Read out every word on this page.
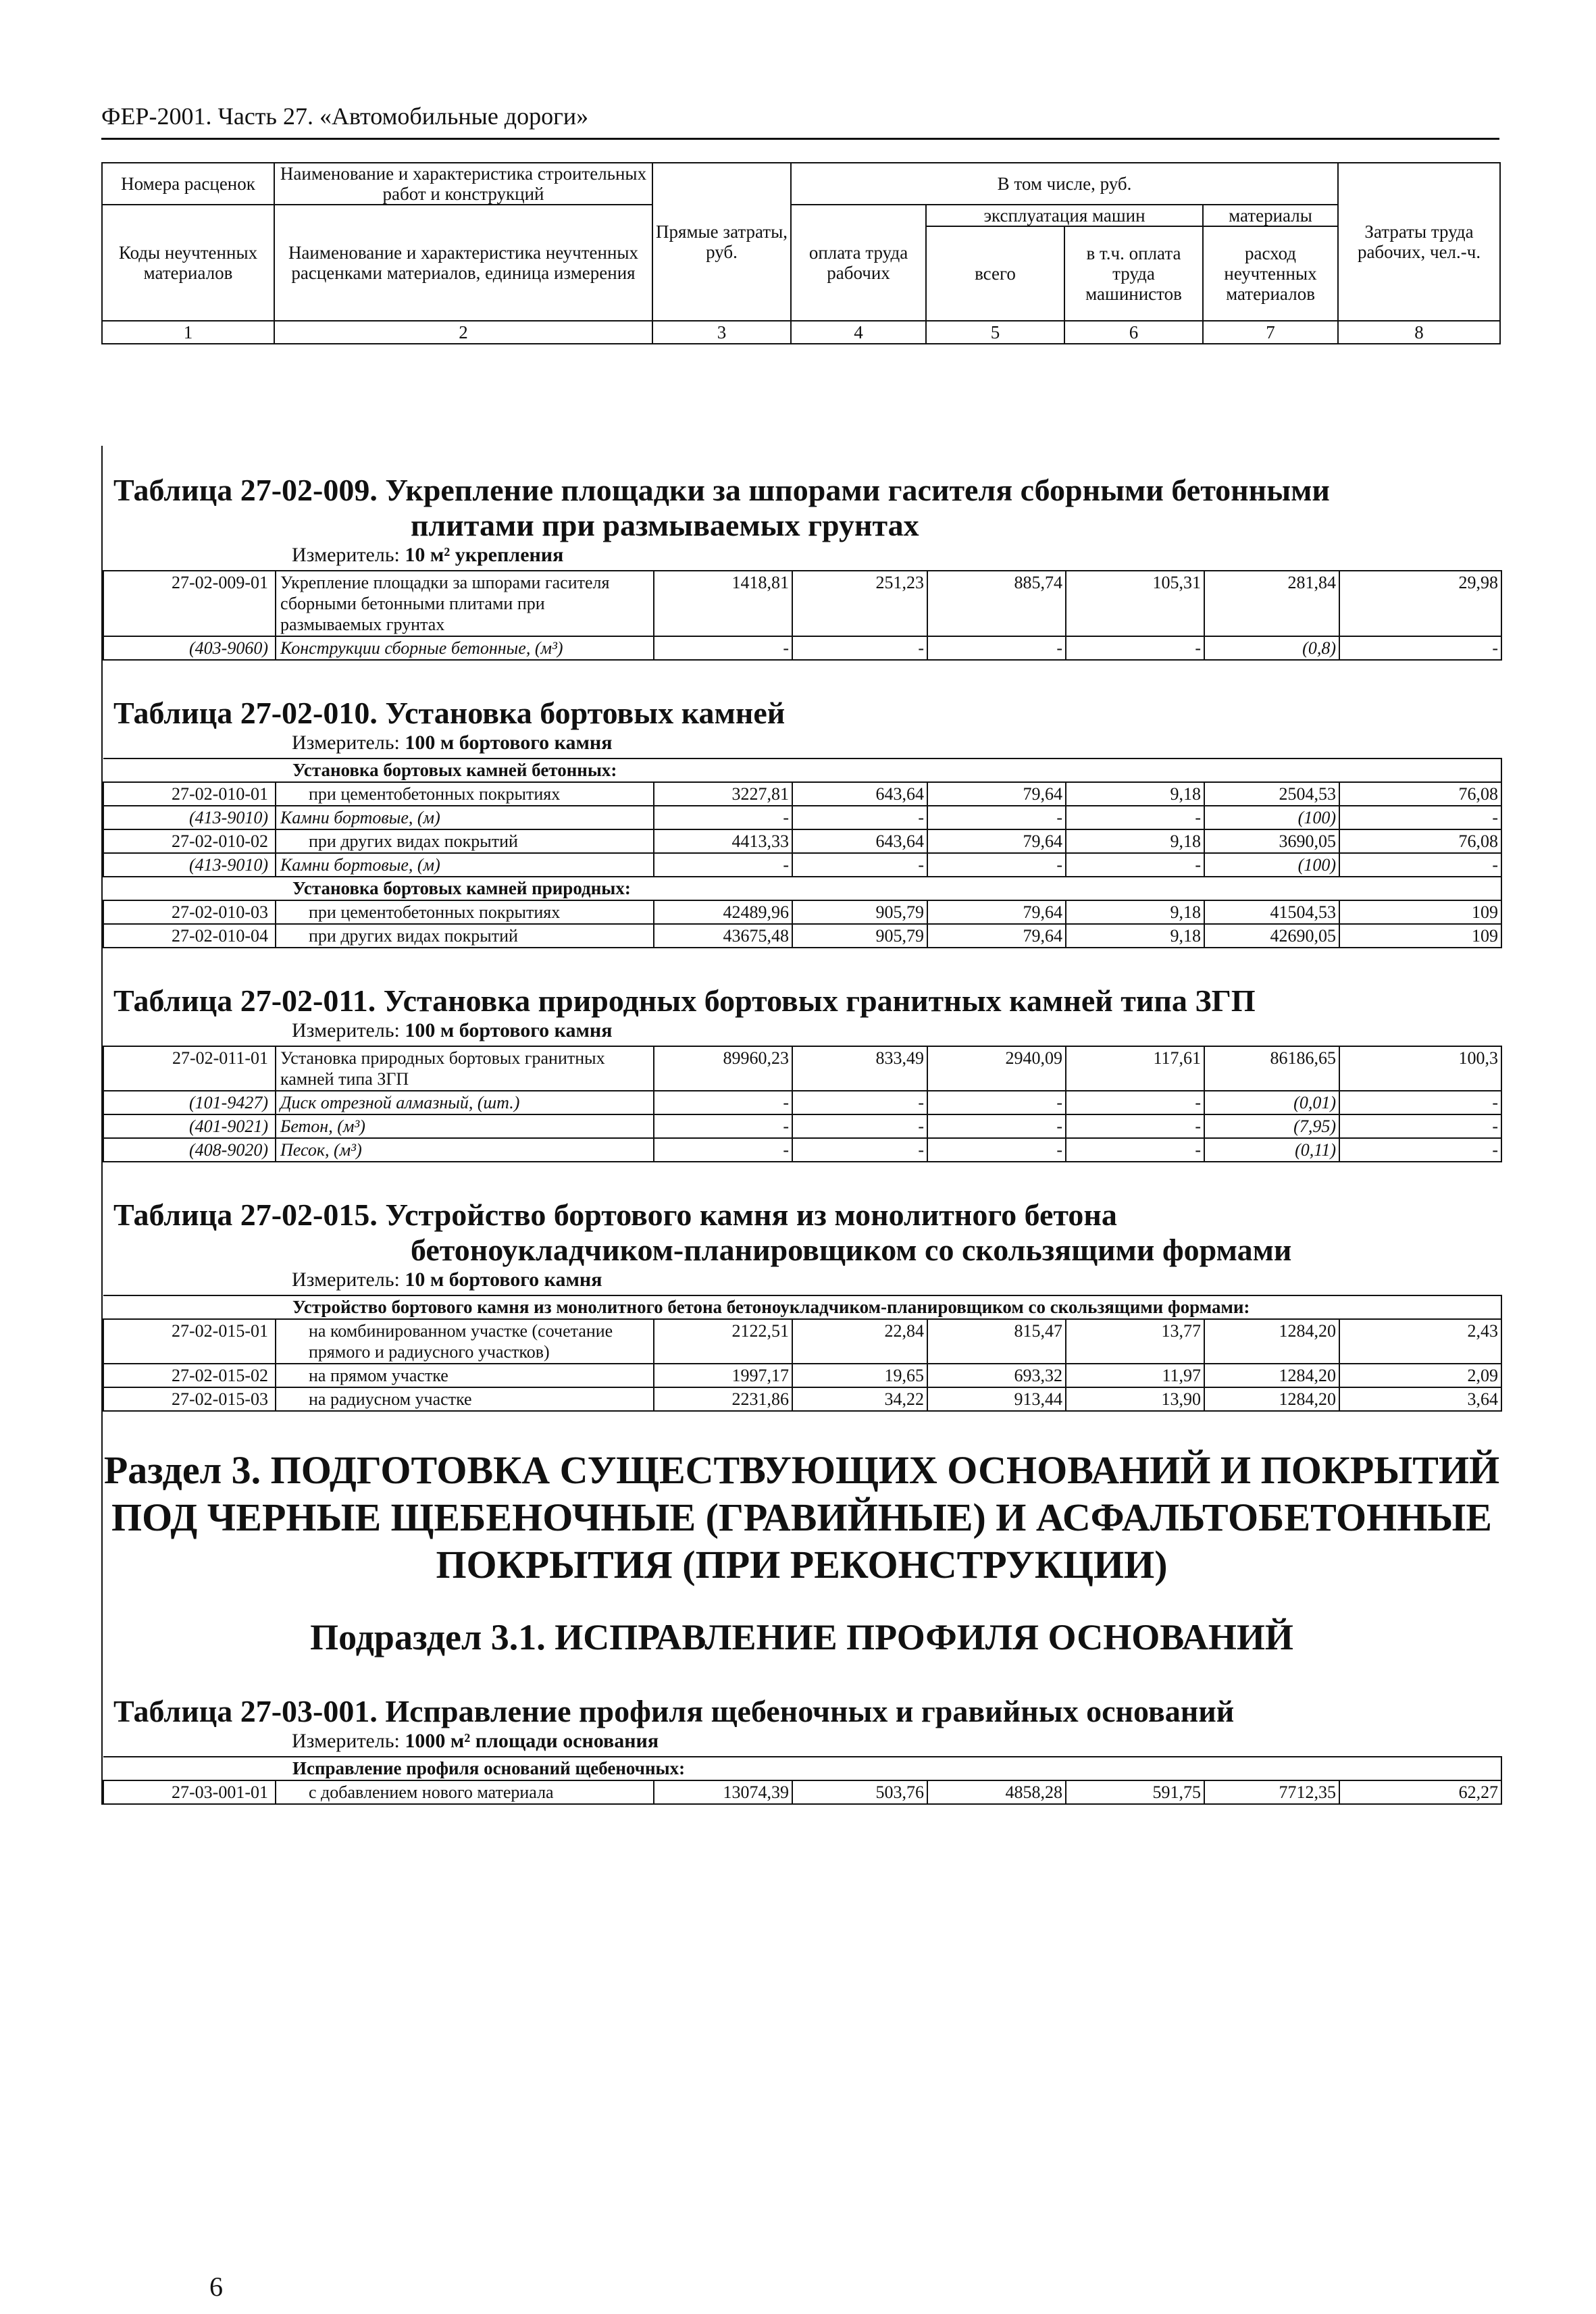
ФЕР-2001. Часть 27. «Автомобильные дороги»
Номера расценок	Наименование и характеристика строительных работ и конструкций	Прямые затраты, руб.	В том числе, руб.				Затраты труда рабочих, чел.-ч.
Коды неучтенных материалов	Наименование и характеристика неучтенных расценками материалов, единица измерения		оплата труда рабочих	эксплуатация машин		материалы	
				всего	в т.ч. оплата труда машинистов	расход неучтенных материалов	
1	2	3	4	5	6	7	8
Таблица 27-02-009. Укрепление площадки за шпорами гасителя сборными бетонными
плитами при размываемых грунтах
Измеритель: 10 м² укрепления
27-02-009-01	Укрепление площадки за шпорами гасителя сборными бетонными плитами при размываемых грунтах	1418,81	251,23	885,74	105,31	281,84	29,98
(403-9060)	Конструкции сборные бетонные, (м³)	-	-	-	-	(0,8)	-
Таблица 27-02-010. Установка бортовых камней
Измеритель: 100 м бортового камня
Установка бортовых камней бетонных:							
27-02-010-01	при цементобетонных покрытиях	3227,81	643,64	79,64	9,18	2504,53	76,08
(413-9010)	Камни бортовые, (м)	-	-	-	-	(100)	-
27-02-010-02	при других видах покрытий	4413,33	643,64	79,64	9,18	3690,05	76,08
(413-9010)	Камни бортовые, (м)	-	-	-	-	(100)	-
Установка бортовых камней природных:							
27-02-010-03	при цементобетонных покрытиях	42489,96	905,79	79,64	9,18	41504,53	109
27-02-010-04	при других видах покрытий	43675,48	905,79	79,64	9,18	42690,05	109
Таблица 27-02-011. Установка природных бортовых гранитных камней типа ЗГП
Измеритель: 100 м бортового камня
27-02-011-01	Установка природных бортовых гранитных камней типа ЗГП	89960,23	833,49	2940,09	117,61	86186,65	100,3
(101-9427)	Диск отрезной алмазный, (шт.)	-	-	-	-	(0,01)	-
(401-9021)	Бетон, (м³)	-	-	-	-	(7,95)	-
(408-9020)	Песок, (м³)	-	-	-	-	(0,11)	-
Таблица 27-02-015. Устройство бортового камня из монолитного бетона
бетоноукладчиком-планировщиком со скользящими формами
Измеритель: 10 м бортового камня
Устройство бортового камня из монолитного бетона бетоноукладчиком-планировщиком со скользящими формами:							
27-02-015-01	на комбинированном участке (сочетание прямого и радиусного участков)	2122,51	22,84	815,47	13,77	1284,20	2,43
27-02-015-02	на прямом участке	1997,17	19,65	693,32	11,97	1284,20	2,09
27-02-015-03	на радиусном участке	2231,86	34,22	913,44	13,90	1284,20	3,64
Раздел 3. ПОДГОТОВКА СУЩЕСТВУЮЩИХ ОСНОВАНИЙ И ПОКРЫТИЙ ПОД ЧЕРНЫЕ ЩЕБЕНОЧНЫЕ (ГРАВИЙНЫЕ) И АСФАЛЬТОБЕТОННЫЕ ПОКРЫТИЯ (ПРИ РЕКОНСТРУКЦИИ)
Подраздел 3.1. ИСПРАВЛЕНИЕ ПРОФИЛЯ ОСНОВАНИЙ
Таблица 27-03-001. Исправление профиля щебеночных и гравийных оснований
Измеритель: 1000 м² площади основания
Исправление профиля оснований щебеночных:
27-03-001-01	с добавлением нового материала	13074,39	503,76	4858,28	591,75	7712,35	62,27
6
